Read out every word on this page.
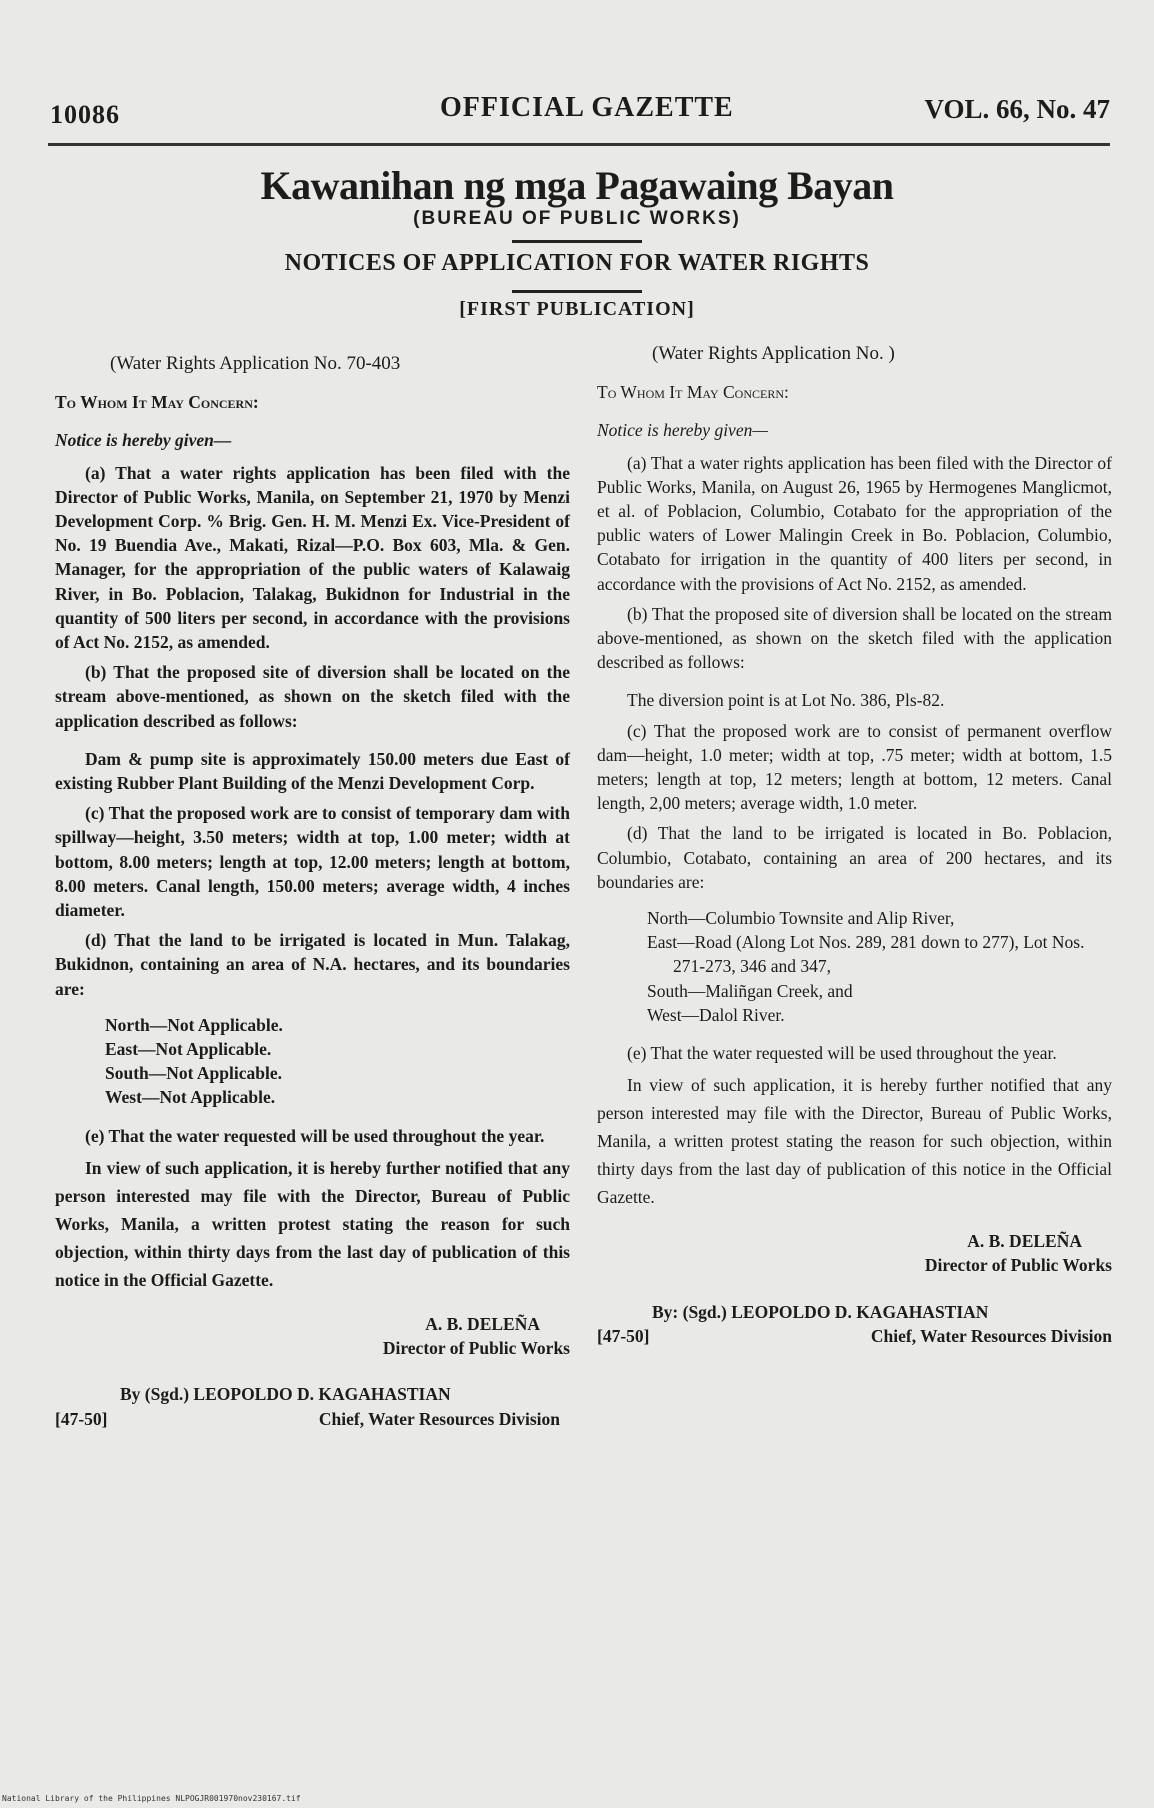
10086	OFFICIAL GAZETTE	VOL. 66, No. 47
Kawanihan ng mga Pagawaing Bayan
(BUREAU OF PUBLIC WORKS)
NOTICES OF APPLICATION FOR WATER RIGHTS
[FIRST PUBLICATION]

(Water Rights Application No. 70-403

To Whom It May Concern:

Notice is hereby given—

(a) That a water rights application has been filed with the Director of Public Works, Manila, on September 21, 1970 by Menzi Development Corp. % Brig. Gen. H. M. Menzi Ex. Vice-President of No. 19 Buendia Ave., Makati, Rizal—P.O. Box 603, Mla. & Gen. Manager, for the appropriation of the public waters of Kalawaig River, in Bo. Poblacion, Talakag, Bukidnon for Industrial in the quantity of 500 liters per second, in accordance with the provisions of Act No. 2152, as amended.

(b) That the proposed site of diversion shall be located on the stream above-mentioned, as shown on the sketch filed with the application described as follows:

Dam & pump site is approximately 150.00 meters due East of existing Rubber Plant Building of the Menzi Development Corp.

(c) That the proposed work are to consist of temporary dam with spillway—height, 3.50 meters; width at top, 1.00 meter; width at bottom, 8.00 meters; length at top, 12.00 meters; length at bottom, 8.00 meters. Canal length, 150.00 meters; average width, 4 inches diameter.

(d) That the land to be irrigated is located in Mun. Talakag, Bukidnon, containing an area of N.A. hectares, and its boundaries are:

North—Not Applicable.
East—Not Applicable.
South—Not Applicable.
West—Not Applicable.

(e) That the water requested will be used throughout the year.

In view of such application, it is hereby further notified that any person interested may file with the Director, Bureau of Public Works, Manila, a written protest stating the reason for such objection, within thirty days from the last day of publication of this notice in the Official Gazette.

A. B. DELEÑA
Director of Public Works
By (Sgd.) LEOPOLDO D. KAGAHASTIAN
[47-50]	Chief, Water Resources Division

(Water Rights Application No. )

To Whom It May Concern:

Notice is hereby given—

(a) That a water rights application has been filed with the Director of Public Works, Manila, on August 26, 1965 by Hermogenes Manglicmot, et al. of Poblacion, Columbio, Cotabato for the appropriation of the public waters of Lower Malingin Creek in Bo. Poblacion, Columbio, Cotabato for irrigation in the quantity of 400 liters per second, in accordance with the provisions of Act No. 2152, as amended.

(b) That the proposed site of diversion shall be located on the stream above-mentioned, as shown on the sketch filed with the application described as follows:

The diversion point is at Lot No. 386, Pls-82.

(c) That the proposed work are to consist of permanent overflow dam—height, 1.0 meter; width at top, .75 meter; width at bottom, 1.5 meters; length at top, 12 meters; length at bottom, 12 meters. Canal length, 2,00 meters; average width, 1.0 meter.

(d) That the land to be irrigated is located in Bo. Poblacion, Columbio, Cotabato, containing an area of 200 hectares, and its boundaries are:

North—Columbio Townsite and Alip River,
East—Road (Along Lot Nos. 289, 281 down to 277), Lot Nos. 271-273, 346 and 347,
South—Maliñgan Creek, and
West—Dalol River.

(e) That the water requested will be used throughout the year.

In view of such application, it is hereby further notified that any person interested may file with the Director, Bureau of Public Works, Manila, a written protest stating the reason for such objection, within thirty days from the last day of publication of this notice in the Official Gazette.

A. B. DELEÑA
Director of Public Works
By: (Sgd.) LEOPOLDO D. KAGAHASTIAN
[47-50]	Chief, Water Resources Division
National Library of the Philippines NLPOGJR001970nov230167.tif
